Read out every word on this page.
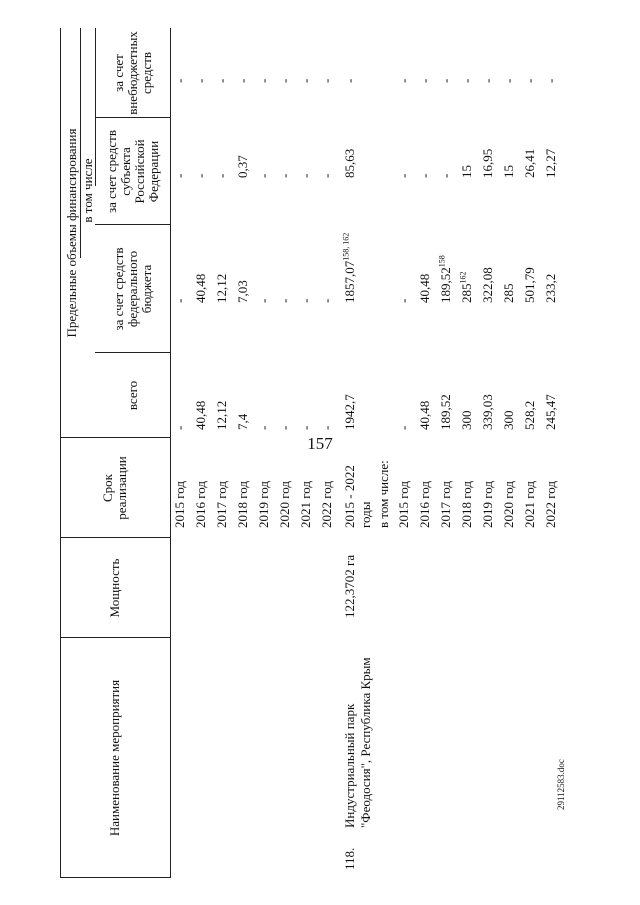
157
29112583.doc
Наименование мероприятия
Мощность
Срок реализации
Предельные объемы финансирования
всего
в том числе
за счет средств федерального бюджета
за счет средств субъекта Российской Федерации
за счет внебюджетных средств
2015 год 2016 год 2017 год 2018 год 2019 год 2020 год 2021 год 2022 год
- 40,48 12,12 7,4 - - - -
- 40,48 12,12 7,03 - - - -
- - - 0,37 - - - -
- - - - - - - -
118.
Индустриальный парк "Феодосия", Республика Крым
122,3702 га
2015 - 2022 годы
1942,7
1857,07$^{158, 162}$
85,63
-
в том числе: 2015 год 2016 год 2017 год 2018 год 2019 год 2020 год 2021 год 2022 год
- 40,48 189,52 300 339,03 300 528,2 245,47
- 40,48 189,52$^{158}$
$285^{162}$ 322,08 285 501,79 233,2
- - - 15 16,95 15 26,41 12,27
- - - - - - - -
